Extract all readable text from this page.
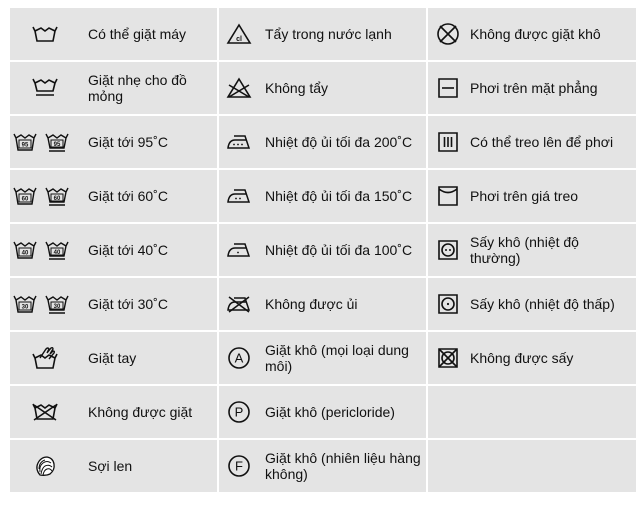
Có thể giặt máy	cl Tẩy trong nước lạnh	Không được giặt khô
Giặt nhẹ cho đồ mỏng	Không tẩy	Phơi trên mặt phẳng
95	95 Giặt tới 95˚C	Nhiệt độ ủi tối đa 200˚C	Có thể treo lên để phơi
60	60 Giặt tới 60˚C	Nhiệt độ ủi tối đa 150˚C	Phơi trên giá treo
40	40 Giặt tới 40˚C	Nhiệt độ ủi tối đa 100˚C	Sấy khô (nhiệt độ thường)
30	30 Giặt tới 30˚C	Không được ủi	Sấy khô (nhiệt độ thấp)
Giặt tay	A Giặt khô (mọi loại dung môi)	Không được sấy
Không được giặt	P Giặt khô (pericloride)
Sợi len	F Giặt khô (nhiên liệu hàng không)
